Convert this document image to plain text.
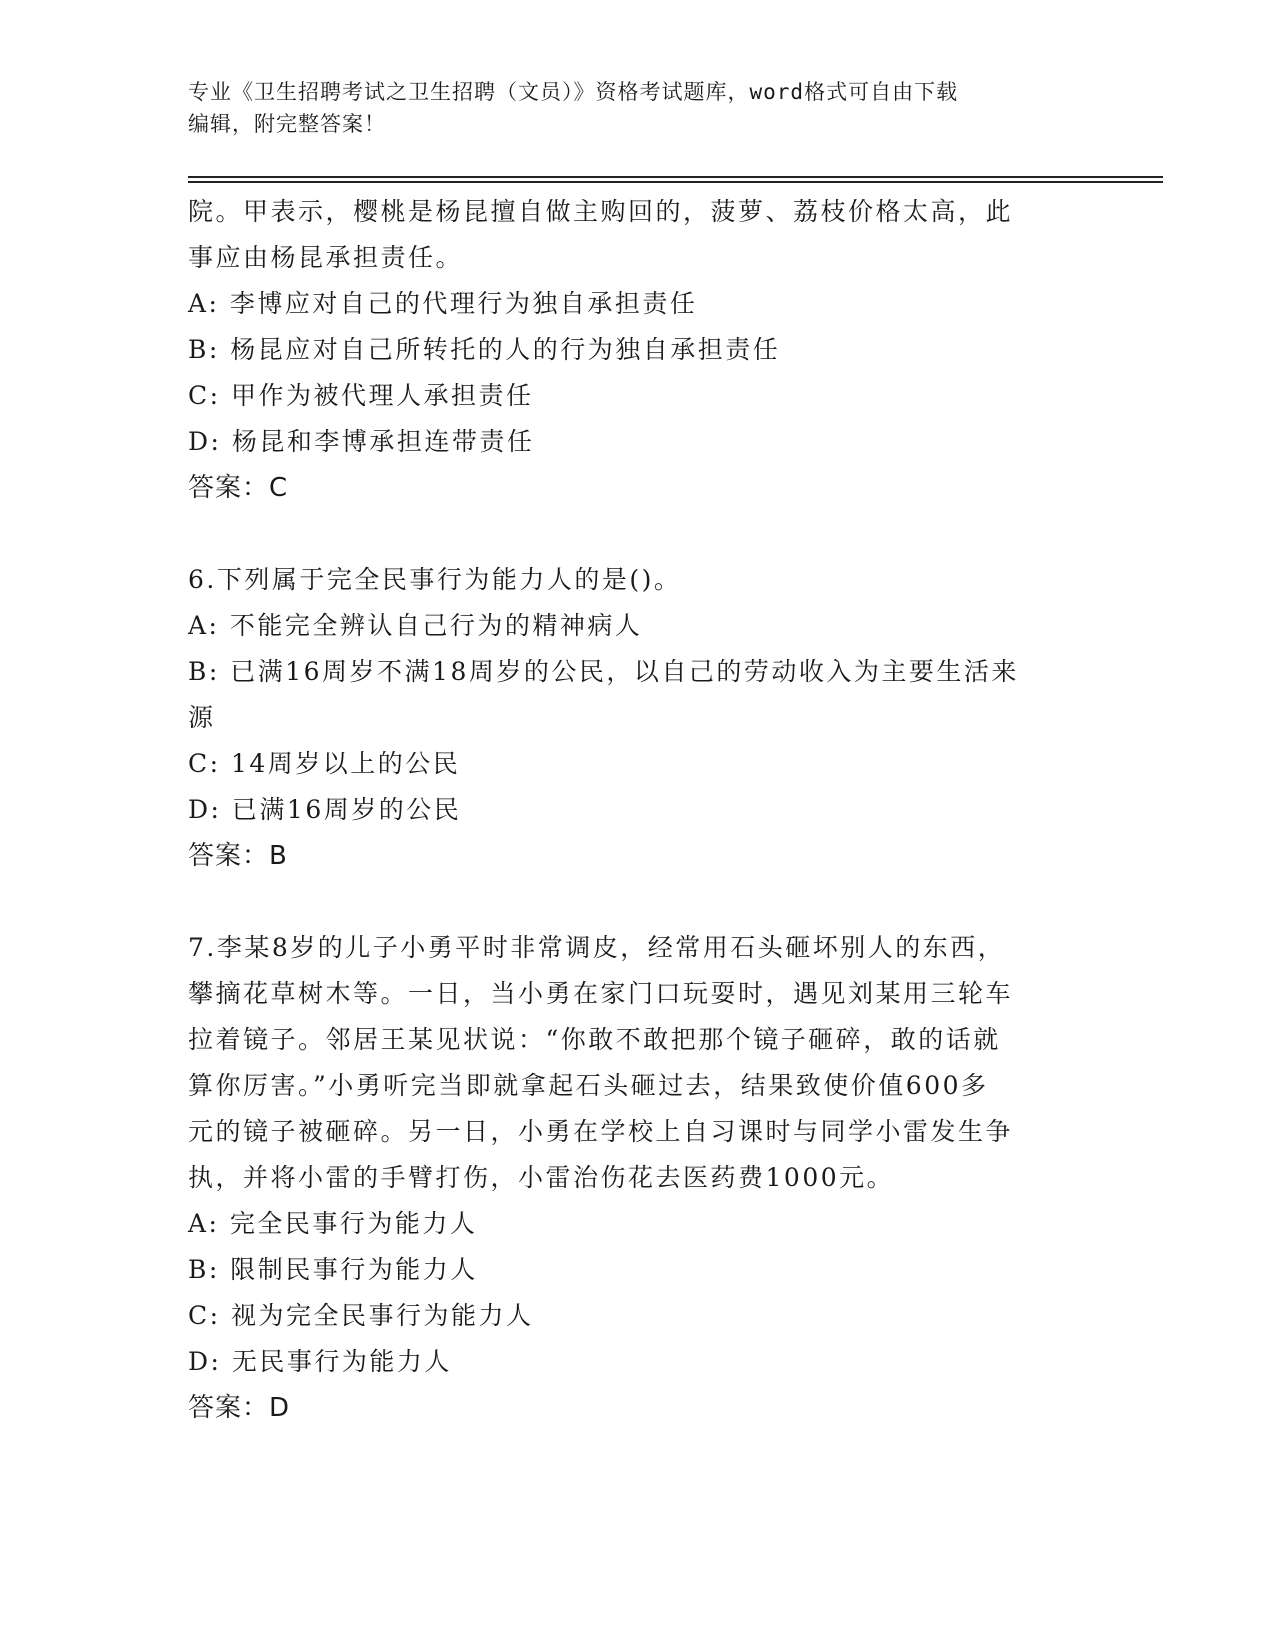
专业《卫生招聘考试之卫生招聘（文员）》资格考试题库，word格式可自由下载
编辑，附完整答案！
院。甲表示，樱桃是杨昆擅自做主购回的，菠萝、荔枝价格太高，此
事应由杨昆承担责任。
A: 李博应对自己的代理行为独自承担责任
B: 杨昆应对自己所转托的人的行为独自承担责任
C: 甲作为被代理人承担责任
D: 杨昆和李博承担连带责任
答案：C
6.下列属于完全民事行为能力人的是()。
A: 不能完全辨认自己行为的精神病人
B: 已满16周岁不满18周岁的公民，以自己的劳动收入为主要生活来
源
C: 14周岁以上的公民
D: 已满16周岁的公民
答案：B
7.李某8岁的儿子小勇平时非常调皮，经常用石头砸坏别人的东西，
攀摘花草树木等。一日，当小勇在家门口玩耍时，遇见刘某用三轮车
拉着镜子。邻居王某见状说：“你敢不敢把那个镜子砸碎，敢的话就
算你厉害。”小勇听完当即就拿起石头砸过去，结果致使价值600多
元的镜子被砸碎。另一日，小勇在学校上自习课时与同学小雷发生争
执，并将小雷的手臂打伤，小雷治伤花去医药费1000元。
A: 完全民事行为能力人
B: 限制民事行为能力人
C: 视为完全民事行为能力人
D: 无民事行为能力人
答案：D
